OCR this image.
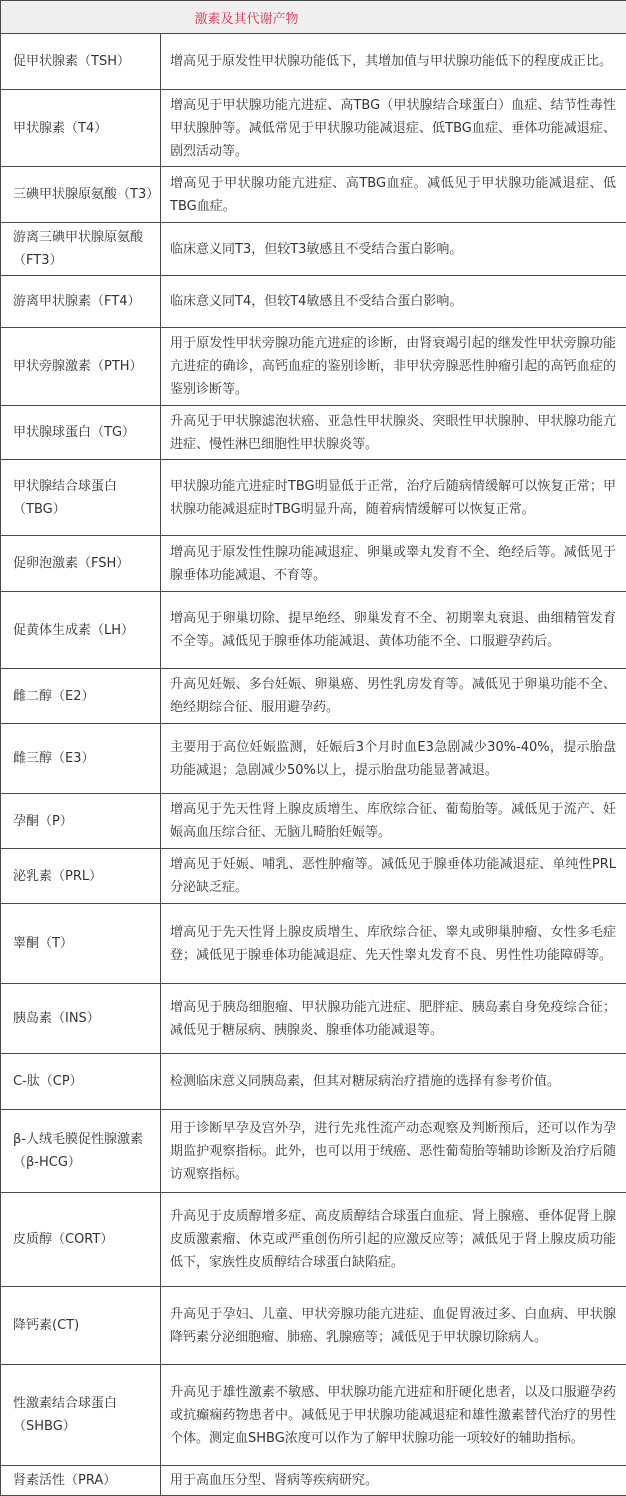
激素及其代谢产物	
促甲状腺素（TSH）	增高见于原发性甲状腺功能低下，其增加值与甲状腺功能低下的程度成正比。
甲状腺素（T4）	增高见于甲状腺功能亢进症、高TBG（甲状腺结合球蛋白）血症、结节性毒性甲状腺肿等。减低常见于甲状腺功能减退症、低TBG血症、垂体功能减退症、剧烈活动等。
三碘甲状腺原氨酸（T3）	增高见于甲状腺功能亢进症、高TBG血症。减低见于甲状腺功能减退症、低TBG血症。
游离三碘甲状腺原氨酸（FT3）	临床意义同T3，但较T3敏感且不受结合蛋白影响。
游离甲状腺素（FT4）	临床意义同T4，但较T4敏感且不受结合蛋白影响。
甲状旁腺激素（PTH）	用于原发性甲状旁腺功能亢进症的诊断，由肾衰竭引起的继发性甲状旁腺功能亢进症的确诊，高钙血症的鉴别诊断，非甲状旁腺恶性肿瘤引起的高钙血症的鉴别诊断等。
甲状腺球蛋白（TG）	升高见于甲状腺滤泡状癌、亚急性甲状腺炎、突眼性甲状腺肿、甲状腺功能亢进症、慢性淋巴细胞性甲状腺炎等。
甲状腺结合球蛋白（TBG）	甲状腺功能亢进症时TBG明显低于正常，治疗后随病情缓解可以恢复正常；甲状腺功能减退症时TBG明显升高，随着病情缓解可以恢复正常。
促卵泡激素（FSH）	增高见于原发性性腺功能减退症、卵巢或睾丸发育不全、绝经后等。减低见于腺垂体功能减退、不育等。
促黄体生成素（LH）	增高见于卵巢切除、提早绝经、卵巢发育不全、初期睾丸衰退、曲细精管发育不全等。减低见于腺垂体功能减退、黄体功能不全、口服避孕药后。
雌二醇（E2）	升高见妊娠、多台妊娠、卵巢癌、男性乳房发育等。减低见于卵巢功能不全、绝经期综合征、服用避孕药。
雌三醇（E3）	主要用于高位妊娠监测，妊娠后3个月时血E3急剧减少30%-40%，提示胎盘功能减退；急剧减少50%以上，提示胎盘功能显著减退。
孕酮（P）	增高见于先天性肾上腺皮质增生、库欣综合征、葡萄胎等。减低见于流产、妊娠高血压综合征、无脑儿畸胎妊娠等。
泌乳素（PRL）	增高见于妊娠、哺乳、恶性肿瘤等。减低见于腺垂体功能减退症、单纯性PRL分泌缺乏症。
睾酮（T）	增高见于先天性肾上腺皮质增生、库欣综合征、睾丸或卵巢肿瘤、女性多毛症登；减低见于腺垂体功能减退症、先天性睾丸发育不良、男性性功能障碍等。
胰岛素（INS）	增高见于胰岛细胞瘤、甲状腺功能亢进症、肥胖症、胰岛素自身免疫综合征；减低见于糖尿病、胰腺炎、腺垂体功能减退等。
C-肽（CP）	检测临床意义同胰岛素，但其对糖尿病治疗措施的选择有参考价值。
β-人绒毛膜促性腺激素（β-HCG）	用于诊断早孕及宫外孕，进行先兆性流产动态观察及判断预后，还可以作为孕期监护观察指标。此外，也可以用于绒癌、恶性葡萄胎等辅助诊断及治疗后随访观察指标。
皮质醇（CORT）	升高见于皮质醇增多症、高皮质醇结合球蛋白血症、肾上腺癌、垂体促肾上腺皮质激素瘤、休克或严重创伤所引起的应激反应等；减低见于肾上腺皮质功能低下，家族性皮质醇结合球蛋白缺陷症。
降钙素(CT)	升高见于孕妇、儿童、甲状旁腺功能亢进症、血促胃液过多、白血病、甲状腺降钙素分泌细胞瘤、肺癌、乳腺癌等；减低见于甲状腺切除病人。
性激素结合球蛋白（SHBG）	升高见于雄性激素不敏感、甲状腺功能亢进症和肝硬化患者，以及口服避孕药或抗癫痫药物患者中。减低见于甲状腺功能减退症和雄性激素替代治疗的男性个体。测定血SHBG浓度可以作为了解甲状腺功能一项较好的辅助指标。
肾素活性（PRA）	用于高血压分型、肾病等疾病研究。
